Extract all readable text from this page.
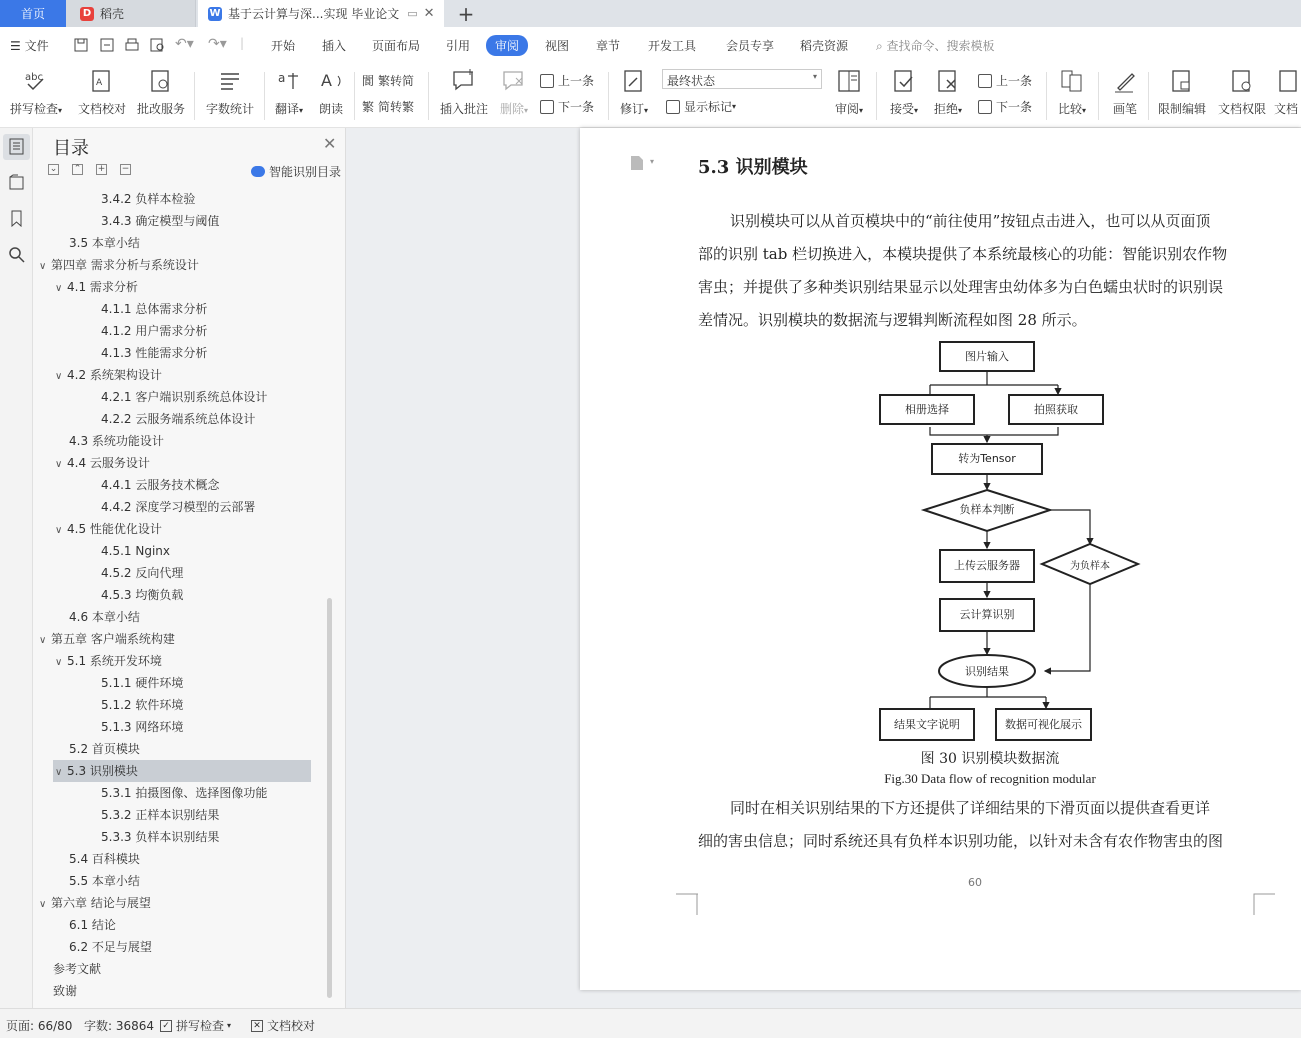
首页	D 稻壳	W 基于云计算与深...实现 毕业论文 ▭ ✕ +
☰ 文件	↶▾ ↷▾ | 开始 插入 页面布局 引用	审阅	视图 章节 开发工具 会员专享 稻壳资源 ⌕ 查找命令、搜索模板
abc
拼写检查▾
A
文档校对 批改服务	字数统计
a
翻译▾
A
朗读
閬 繁转简
繁 简转繁	插入批注 删除▾
上一条
下一条	修订▾
最终状态	▾
显示标记 ▾	审阅▾	接受▾	拒绝▾
上一条
下一条	比较▾	画笔	限制编辑 文档权限 文档
目录	✕
⌄ ⌃ + −	智能识别目录
3.4.2 负样本检验
3.4.3 确定模型与阈值
3.5 本章小结
∨ 第四章 需求分析与系统设计
∨ 4.1 需求分析
4.1.1 总体需求分析
4.1.2 用户需求分析
4.1.3 性能需求分析
∨ 4.2 系统架构设计
4.2.1 客户端识别系统总体设计
4.2.2 云服务端系统总体设计
4.3 系统功能设计
∨ 4.4 云服务设计
4.4.1 云服务技术概念
4.4.2 深度学习模型的云部署
∨ 4.5 性能优化设计
4.5.1 Nginx
4.5.2 反向代理
4.5.3 均衡负载
4.6 本章小结
∨ 第五章 客户端系统构建
∨ 5.1 系统开发环境
5.1.1 硬件环境
5.1.2 软件环境
5.1.3 网络环境
5.2 首页模块
∨ 5.3 识别模块
5.3.1 拍摄图像、选择图像功能
5.3.2 正样本识别结果
5.3.3 负样本识别结果
5.4 百科模块
5.5 本章小结
∨ 第六章 结论与展望
6.1 结论
6.2 不足与展望
参考文献
致谢
▾ 5.3 识别模块
识别模块可以从首页模块中的“前往使用”按钮点击进入，也可以从页面顶
部的识别 tab 栏切换进入，本模块提供了本系统最核心的功能：智能识别农作物
害虫；并提供了多种类识别结果显示以处理害虫幼体多为白色蠕虫状时的识别误
差情况。识别模块的数据流与逻辑判断流程如图 28 所示。
图片输入
相册选择	拍照获取
转为Tensor
负样本判断
上传云服务器	为负样本
云计算识别
识别结果
结果文字说明	数据可视化展示
图 30 识别模块数据流
Fig.30 Data flow of recognition modular
同时在相关识别结果的下方还提供了详细结果的下滑页面以提供查看更详
细的害虫信息；同时系统还具有负样本识别功能，以针对未含有农作物害虫的图
60
页面: 66/80 字数: 36864 ✓ 拼写检查 ▾ ✕ 文档校对
